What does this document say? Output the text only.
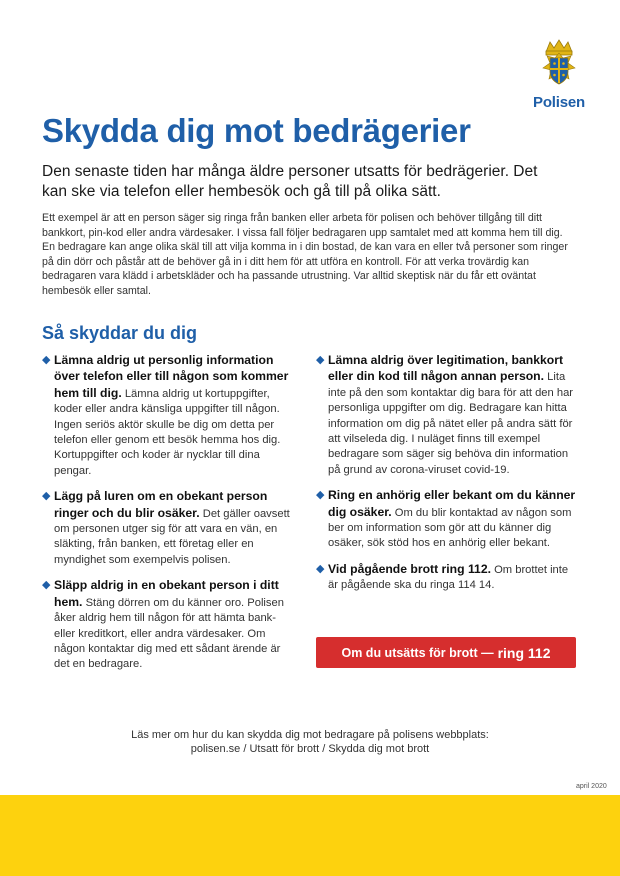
Polisen
Skydda dig mot bedrägerier

Den senaste tiden har många äldre personer utsatts för bedrägerier. Det kan ske via telefon eller hembesök och gå till på olika sätt.

Ett exempel är att en person säger sig ringa från banken eller arbeta för polisen och behöver tillgång till ditt bankkort, pin-kod eller andra värdesaker. I vissa fall följer bedragaren upp samtalet med att komma hem till dig. En bedragare kan ange olika skäl till att vilja komma in i din bostad, de kan vara en eller två personer som ringer på din dörr och påstår att de behöver gå in i ditt hem för att utföra en kontroll. För att verka trovärdig kan bedragaren vara klädd i arbetskläder och ha passande utrustning. Var alltid skeptisk när du får ett oväntat hembesök eller samtal.

Så skyddar du dig
◆ Lämna aldrig ut personlig information över telefon eller till någon som kommer hem till dig. Lämna aldrig ut kortuppgifter, koder eller andra känsliga uppgifter till någon. Ingen seriös aktör skulle be dig om detta per telefon eller genom ett besök hemma hos dig. Kortuppgifter och koder är nycklar till dina pengar.
◆ Lägg på luren om en obekant person ringer och du blir osäker. Det gäller oavsett om personen utger sig för att vara en vän, en släkting, från banken, ett företag eller en myndighet som exempelvis polisen.
◆ Släpp aldrig in en obekant person i ditt hem. Stäng dörren om du känner oro. Polisen åker aldrig hem till någon för att hämta bank- eller kreditkort, eller andra värdesaker. Om någon kontaktar dig med ett sådant ärende är det en bedragare.
◆ Lämna aldrig över legitimation, bankkort eller din kod till någon annan person. Lita inte på den som kontaktar dig bara för att den har personliga uppgifter om dig. Bedragare kan hitta information om dig på nätet eller på andra sätt för att vilseleda dig. I nuläget finns till exempel bedragare som säger sig behöva din information på grund av corona-viruset covid-19.
◆ Ring en anhörig eller bekant om du känner dig osäker. Om du blir kontaktad av någon som ber om information som gör att du känner dig osäker, sök stöd hos en anhörig eller bekant.
◆ Vid pågående brott ring 112. Om brottet inte är pågående ska du ringa 114 14.
Om du utsätts för brott — ring 112
Läs mer om hur du kan skydda dig mot bedragare på polisens webbplats:
polisen.se / Utsatt för brott / Skydda dig mot brott
april 2020
